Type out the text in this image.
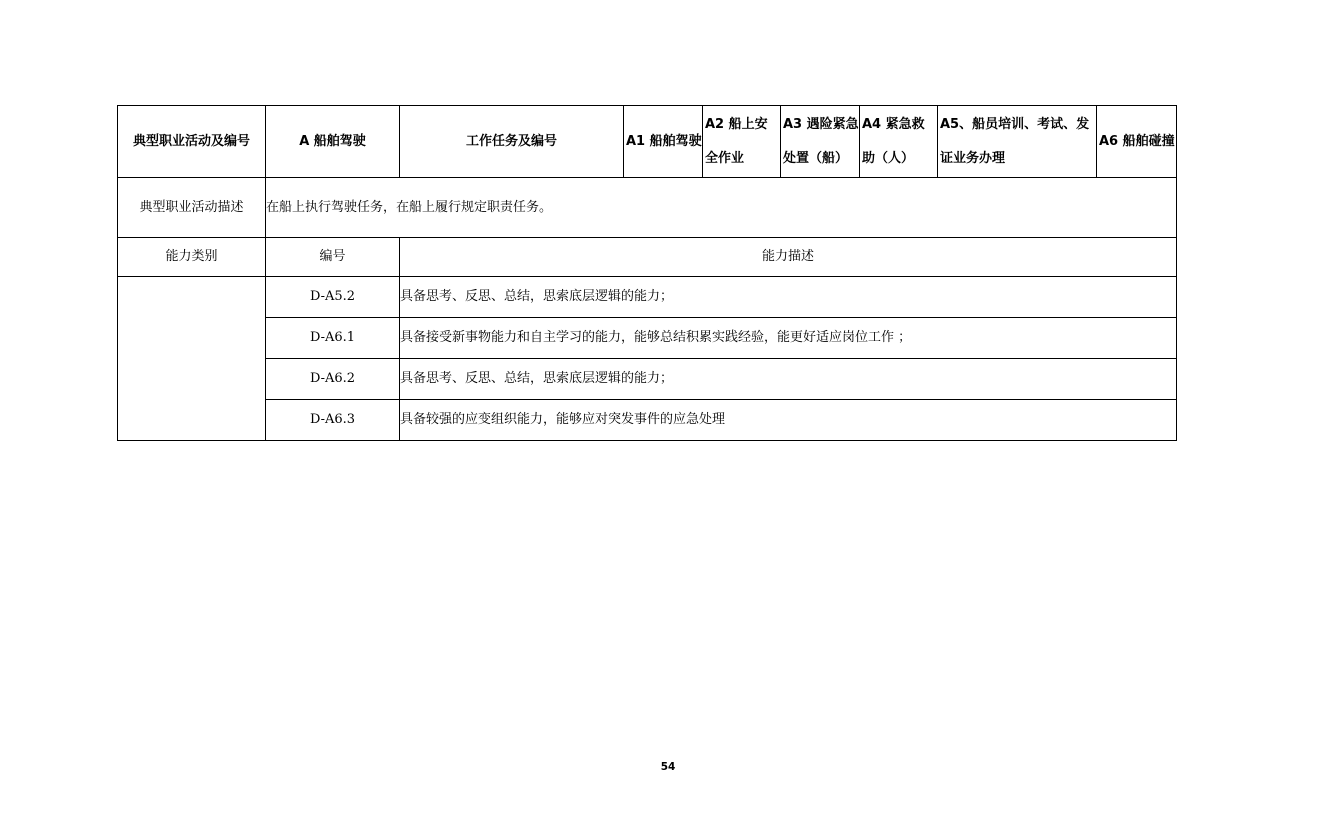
典型职业活动及编号	A 船舶驾驶	工作任务及编号	A1 船舶驾驶	A2 船上安全作业	A3 遇险紧急处置（船）	A4 紧急救助（人）	A5、船员培训、考试、发证业务办理	A6 船舶碰撞
典型职业活动描述	在船上执行驾驶任务，在船上履行规定职责任务。							
能力类别	编号	能力描述						
	D-A5.2	具备思考、反思、总结，思索底层逻辑的能力；						
	D-A6.1	具备接受新事物能力和自主学习的能力，能够总结积累实践经验，能更好适应岗位工作 ；						
	D-A6.2	具备思考、反思、总结，思索底层逻辑的能力；						
	D-A6.3	具备较强的应变组织能力，能够应对突发事件的应急处理						
54
